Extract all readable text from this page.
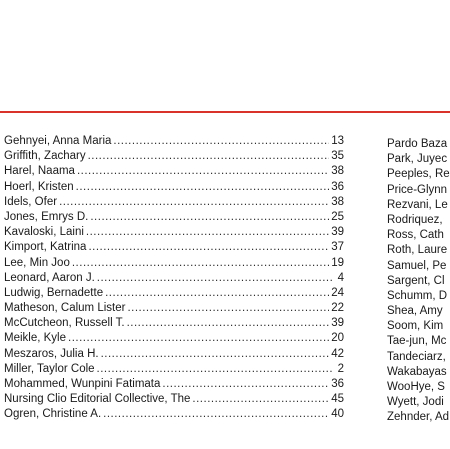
Gehnyei, Anna Maria .....	13
Griffith, Zachary .....	35
Harel, Naama .....	38
Hoerl, Kristen .....	36
Idels, Ofer .....	38
Jones, Emrys D. .....	25
Kavaloski, Laini .....	39
Kimport, Katrina .....	37
Lee, Min Joo .....	19
Leonard, Aaron J. .....	4
Ludwig, Bernadette .....	24
Matheson, Calum Lister .....	22
McCutcheon, Russell T. .....	39
Meikle, Kyle .....	20
Meszaros, Julia H. .....	42
Miller, Taylor Cole .....	2
Mohammed, Wunpini Fatimata .....	36
Nursing Clio Editorial Collective, The .....	45
Ogren, Christine A. .....	40
Pardo Baza
Park, Juyec
Peeples, Re
Price-Glynn
Rezvani, Le
Rodriquez,
Ross, Cath
Roth, Laure
Samuel, Pe
Sargent, Cl
Schumm, D
Shea, Amy
Soom, Kim
Tae-jun, Mc
Tandeciarz,
Wakabayas
WooHye, S
Wyett, Jodi
Zehnder, Ad
